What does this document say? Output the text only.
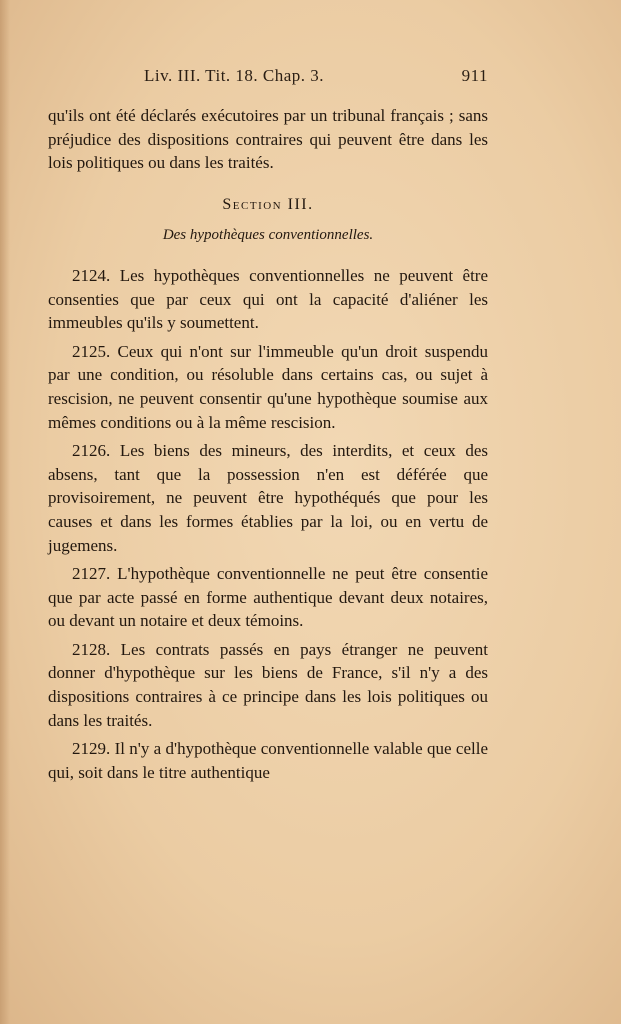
Liv. III. Tit. 18. Chap. 3.	911

qu'ils ont été déclarés exécutoires par un tribunal français ; sans préjudice des dispositions contraires qui peuvent être dans les lois politiques ou dans les traités.

Section III.
Des hypothèques conventionnelles.

2124. Les hypothèques conventionnelles ne peuvent être consenties que par ceux qui ont la capacité d'aliéner les immeubles qu'ils y soumettent.

2125. Ceux qui n'ont sur l'immeuble qu'un droit suspendu par une condition, ou résoluble dans certains cas, ou sujet à rescision, ne peuvent consentir qu'une hypothèque soumise aux mêmes conditions ou à la même rescision.

2126. Les biens des mineurs, des interdits, et ceux des absens, tant que la possession n'en est déférée que provisoirement, ne peuvent être hypothéqués que pour les causes et dans les formes établies par la loi, ou en vertu de jugemens.

2127. L'hypothèque conventionnelle ne peut être consentie que par acte passé en forme authentique devant deux notaires, ou devant un notaire et deux témoins.

2128. Les contrats passés en pays étranger ne peuvent donner d'hypothèque sur les biens de France, s'il n'y a des dispositions contraires à ce principe dans les lois politiques ou dans les traités.

2129. Il n'y a d'hypothèque conventionnelle valable que celle qui, soit dans le titre authentique
